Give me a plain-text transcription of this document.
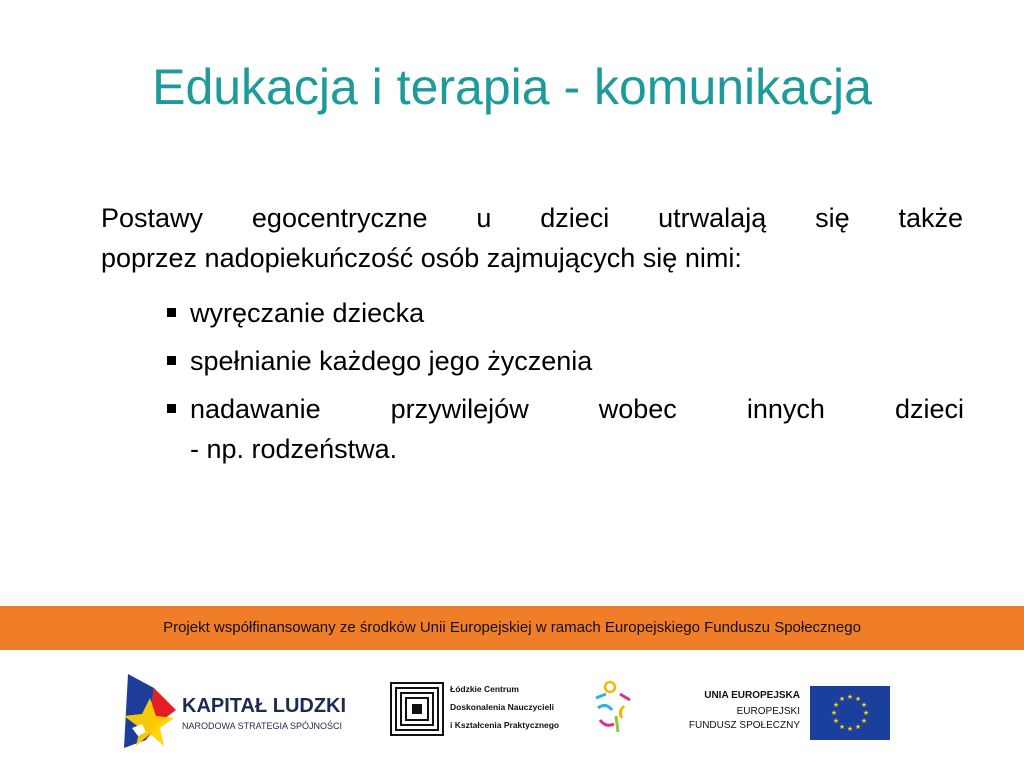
Edukacja i terapia - komunikacja

Postawy egocentryczne u dzieci utrwalają się także
poprzez nadopiekuńczość osób zajmujących się nimi:

wyręczanie dziecka
spełnianie każdego jego życzenia
nadawanie przywilejów wobec innych dzieci
- np. rodzeństwa.
Projekt współfinansowany ze środków Unii Europejskiej w ramach Europejskiego Funduszu Społecznego
KAPITAŁ LUDZKI
NARODOWA STRATEGIA SPÓJNOŚCI
Łódzkie Centrum
Doskonalenia Nauczycieli
i Kształcenia Praktycznego
UNIA EUROPEJSKA
EUROPEJSKI
FUNDUSZ SPOŁECZNY
★ ★
★
★
★
★
★
★
★
★
★
★
